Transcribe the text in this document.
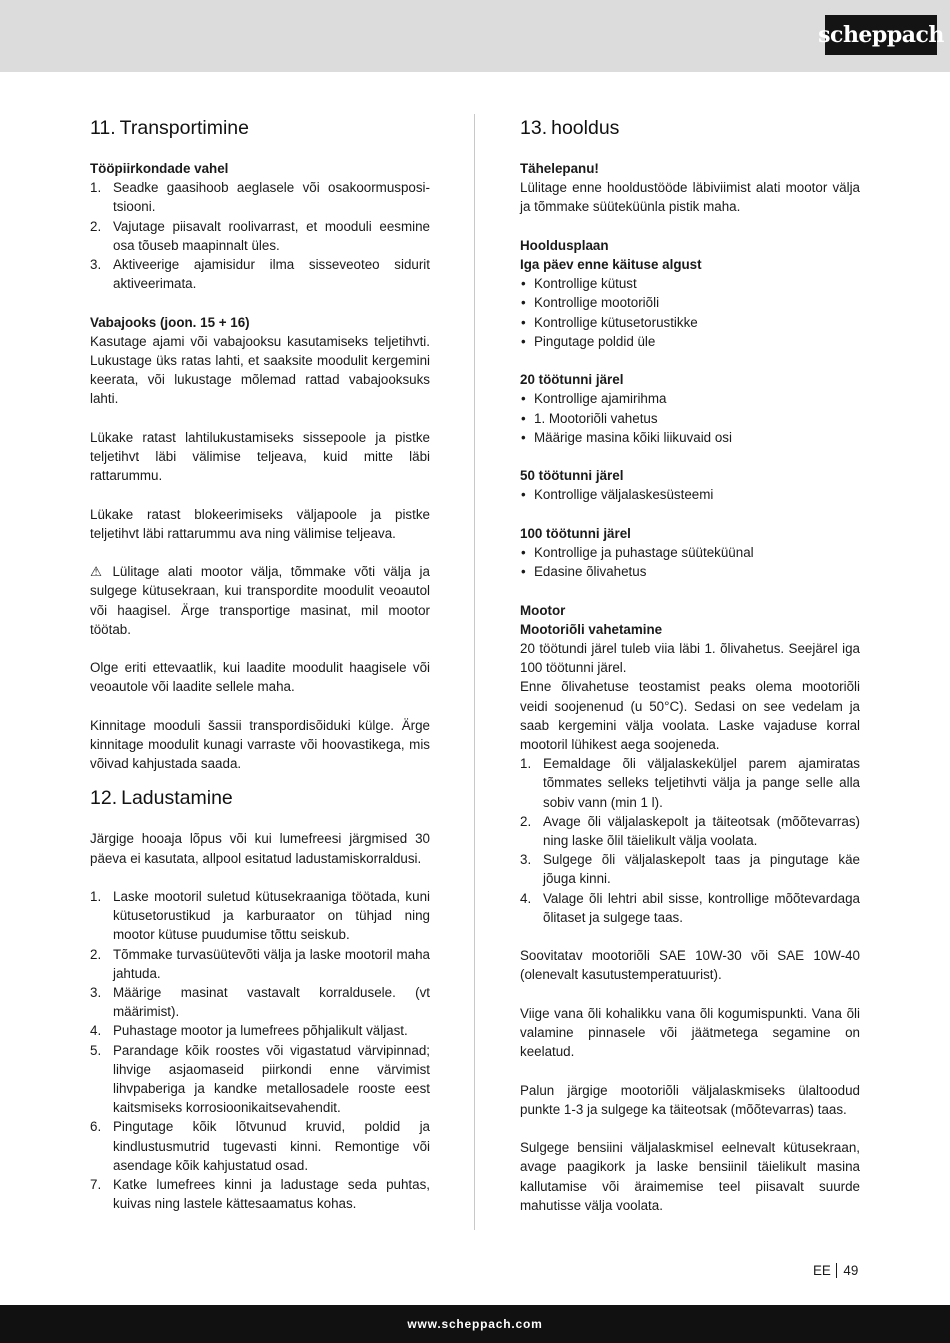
scheppach
11. Transportimine
Tööpiirkondade vahel
1. Seadke gaasihoob aeglasele või osakoormuspositsiooni.
2. Vajutage piisavalt roolivarrast, et mooduli eesmine osa tõuseb maapinnalt üles.
3. Aktiveerige ajamisidur ilma sisseveoteo sidurit aktiveerimata.
Vabajooks (joon. 15 + 16)

Kasutage ajami või vabajooksu kasutamiseks teljetihvti. Lukustage üks ratas lahti, et saaksite moodulit kergemini keerata, või lukustage mõlemad rattad vabajooksuks lahti.

Lükake ratast lahtilukustamiseks sissepoole ja pistke teljetihvt läbi välimise teljeava, kuid mitte läbi rattarummu.

Lükake ratast blokeerimiseks väljapoole ja pistke teljetihvt läbi rattarummu ava ning välimise teljeava.

⚠ Lülitage alati mootor välja, tõmmake võti välja ja sulgege kütusekraan, kui transpordite moodulit veoautol või haagisel. Ärge transportige masinat, mil mootor töötab.

Olge eriti ettevaatlik, kui laadite moodulit haagisele või veoautole või laadite sellele maha.

Kinnitage mooduli šassii transpordisõiduki külge. Ärge kinnitage moodulit kunagi varraste või hoovastikega, mis võivad kahjustada saada.

12. Ladustamine

Järgige hooaja lõpus või kui lumefreesi järgmised 30 päeva ei kasutata, allpool esitatud ladustamiskorraldusi.

1. Laske mootoril suletud kütusekraaniga töötada, kuni kütusetorustikud ja karburaator on tühjad ning mootor kütuse puudumise tõttu seiskub.
2. Tõmmake turvasüütevõti välja ja laske mootoril maha jahtuda.
3. Määrige masinat vastavalt korraldusele. (vt määrimist).
4. Puhastage mootor ja lumefrees põhjalikult väljast.
5. Parandage kõik roostes või vigastatud värvipinnad; lihvige asjaomaseid piirkondi enne värvimist lihvpaberiga ja kandke metallosadele rooste eest kaitsmiseks korrosioonikaitsevahendit.
6. Pingutage kõik lõtvunud kruvid, poldid ja kindlustusmutrid tugevasti kinni. Remontige või asendage kõik kahjustatud osad.
7. Katke lumefrees kinni ja ladustage seda puhtas, kuivas ning lastele kättesaamatus kohas.
13. hooldus
Tähelepanu!

Lülitage enne hooldustööde läbiviimist alati mootor välja ja tõmmake süüteküünla pistik maha.

Hooldusplaan
Iga päev enne käituse algust
• Kontrollige kütust
• Kontrollige mootoriõli
• Kontrollige kütusetorustikke
• Pingutage poldid üle
20 töötunni järel
• Kontrollige ajamirihma
• 1. Mootoriõli vahetus
• Määrige masina kõiki liikuvaid osi
50 töötunni järel
• Kontrollige väljalaskesüsteemi
100 töötunni järel
• Kontrollige ja puhastage süüteküünal
• Edasine õlivahetus
Mootor
Mootoriõli vahetamine

20 töötundi järel tuleb viia läbi 1. õlivahetus. Seejärel iga 100 töötunni järel.

Enne õlivahetuse teostamist peaks olema mootoriõli veidi soojenenud (u 50°C). Sedasi on see vedelam ja saab kergemini välja voolata. Laske vajaduse korral mootoril lühikest aega soojeneda.

1. Eemaldage õli väljalaskeküljel parem ajamiratas tõmmates selleks teljetihvti välja ja pange selle alla sobiv vann (min 1 l).
2. Avage õli väljalaskepolt ja täiteotsak (mõõtevarras) ning laske õlil täielikult välja voolata.
3. Sulgege õli väljalaskepolt taas ja pingutage käe jõuga kinni.
4. Valage õli lehtri abil sisse, kontrollige mõõtevardaga õlitaset ja sulgege taas.

Soovitatav mootoriõli SAE 10W-30 või SAE 10W-40 (olenevalt kasutustemperatuurist).

Viige vana õli kohalikku vana õli kogumispunkti. Vana õli valamine pinnasele või jäätmetega segamine on keelatud.

Palun järgige mootoriõli väljalaskmiseks ülaltoodud punkte 1-3 ja sulgege ka täiteotsak (mõõtevarras) taas.

Sulgege bensiini väljalaskmisel eelnevalt kütusekraan, avage paagikork ja laske bensiinil täielikult masina kallutamise või äraimemise teel piisavalt suurde mahutisse välja voolata.

EE 49
www.scheppach.com
